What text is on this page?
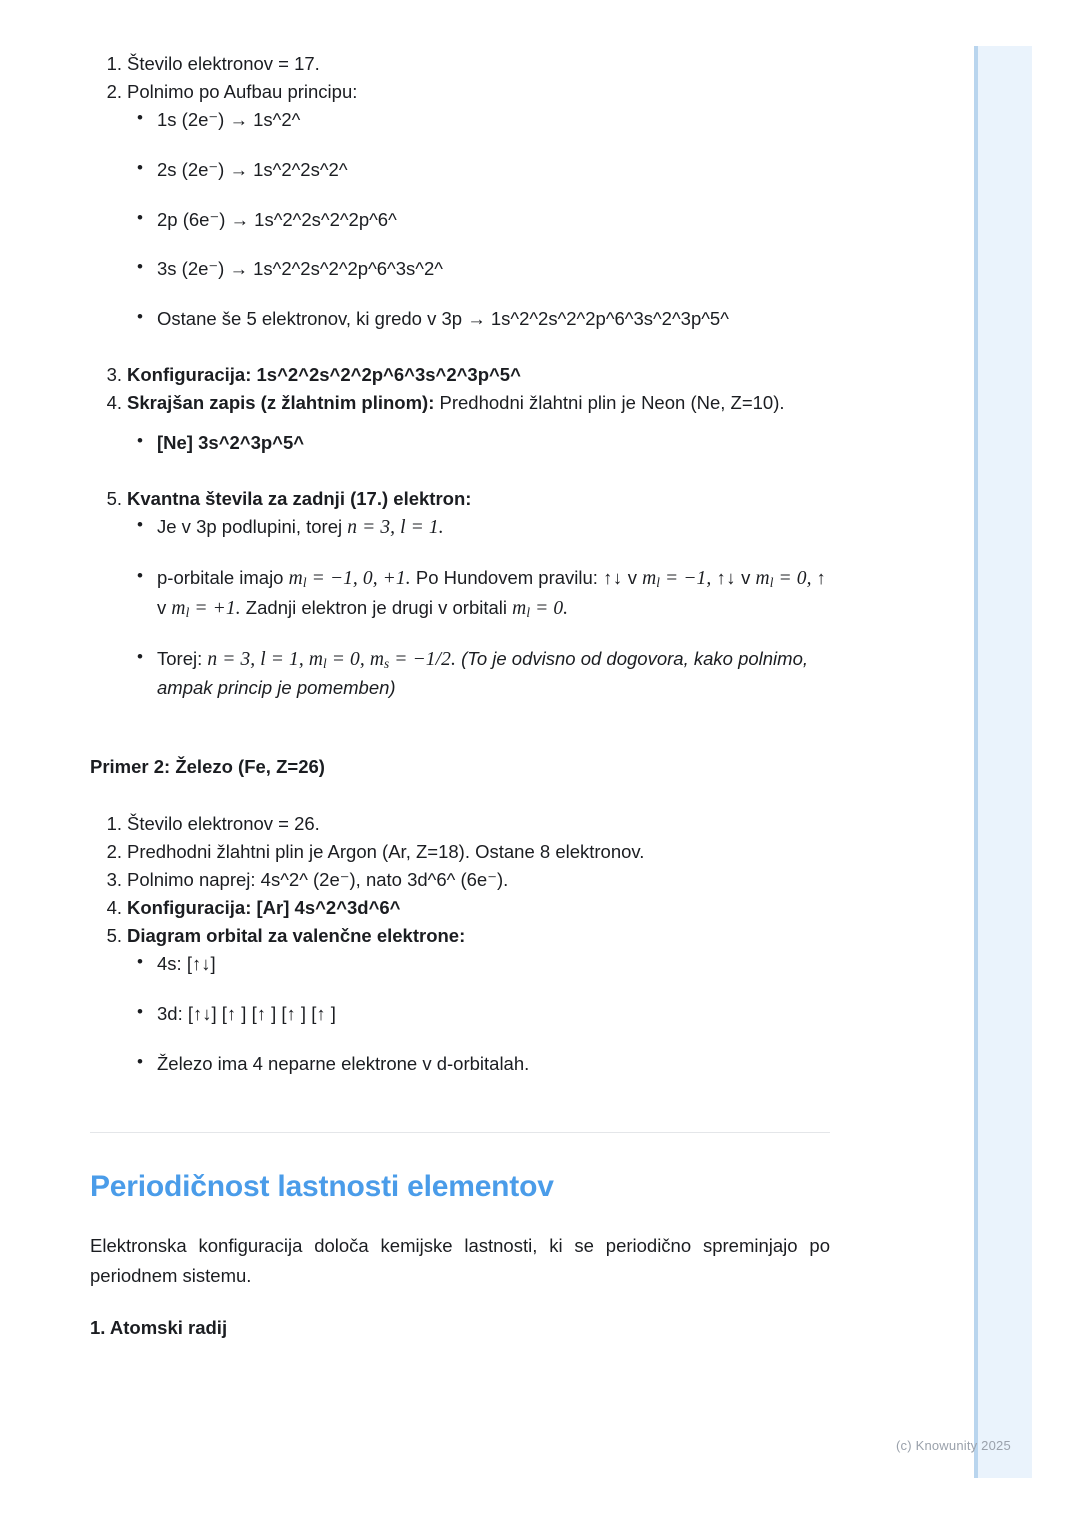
1. Število elektronov = 17.
2. Polnimo po Aufbau principu:
• 1s (2e⁻) → 1s^2^
• 2s (2e⁻) → 1s^2^2s^2^
• 2p (6e⁻) → 1s^2^2s^2^2p^6^
• 3s (2e⁻) → 1s^2^2s^2^2p^6^3s^2^
• Ostane še 5 elektronov, ki gredo v 3p → 1s^2^2s^2^2p^6^3s^2^3p^5^
3. Konfiguracija: 1s^2^2s^2^2p^6^3s^2^3p^5^
4. Skrajšan zapis (z žlahtnim plinom): Predhodni žlahtni plin je Neon (Ne, Z=10).
• [Ne] 3s^2^3p^5^
5. Kvantna števila za zadnji (17.) elektron:
• Je v 3p podlupini, torej n = 3, l = 1.
• p-orbitale imajo $m_l = -1$, 0, +1. Po Hundovem pravilu: ↑↓ v $m_l = -1$, ↑↓ v $m_l = 0$, ↑ v $m_l = +1$. Zadnji elektron je drugi v orbitali $m_l = 0$.
• Torej: n = 3, l = 1, $m_l = 0$, $m_s = -1/2$. (To je odvisno od dogovora, kako polnimo, ampak princip je pomemben)
Primer 2: Železo (Fe, Z=26)
1. Število elektronov = 26.
2. Predhodni žlahtni plin je Argon (Ar, Z=18). Ostane 8 elektronov.
3. Polnimo naprej: 4s^2^ (2e⁻), nato 3d^6^ (6e⁻).
4. Konfiguracija: [Ar] 4s^2^3d^6^
5. Diagram orbital za valenčne elektrone:
• 4s: [↑↓]
• 3d: [↑↓] [↑ ] [↑ ] [↑ ] [↑ ]
• Železo ima 4 neparne elektrone v d-orbitalah.
Periodičnost lastnosti elementov

Elektronska konfiguracija določa kemijske lastnosti, ki se periodično spreminjajo po periodnem sistemu.

1. Atomski radij
(c) Knowunity 2025
